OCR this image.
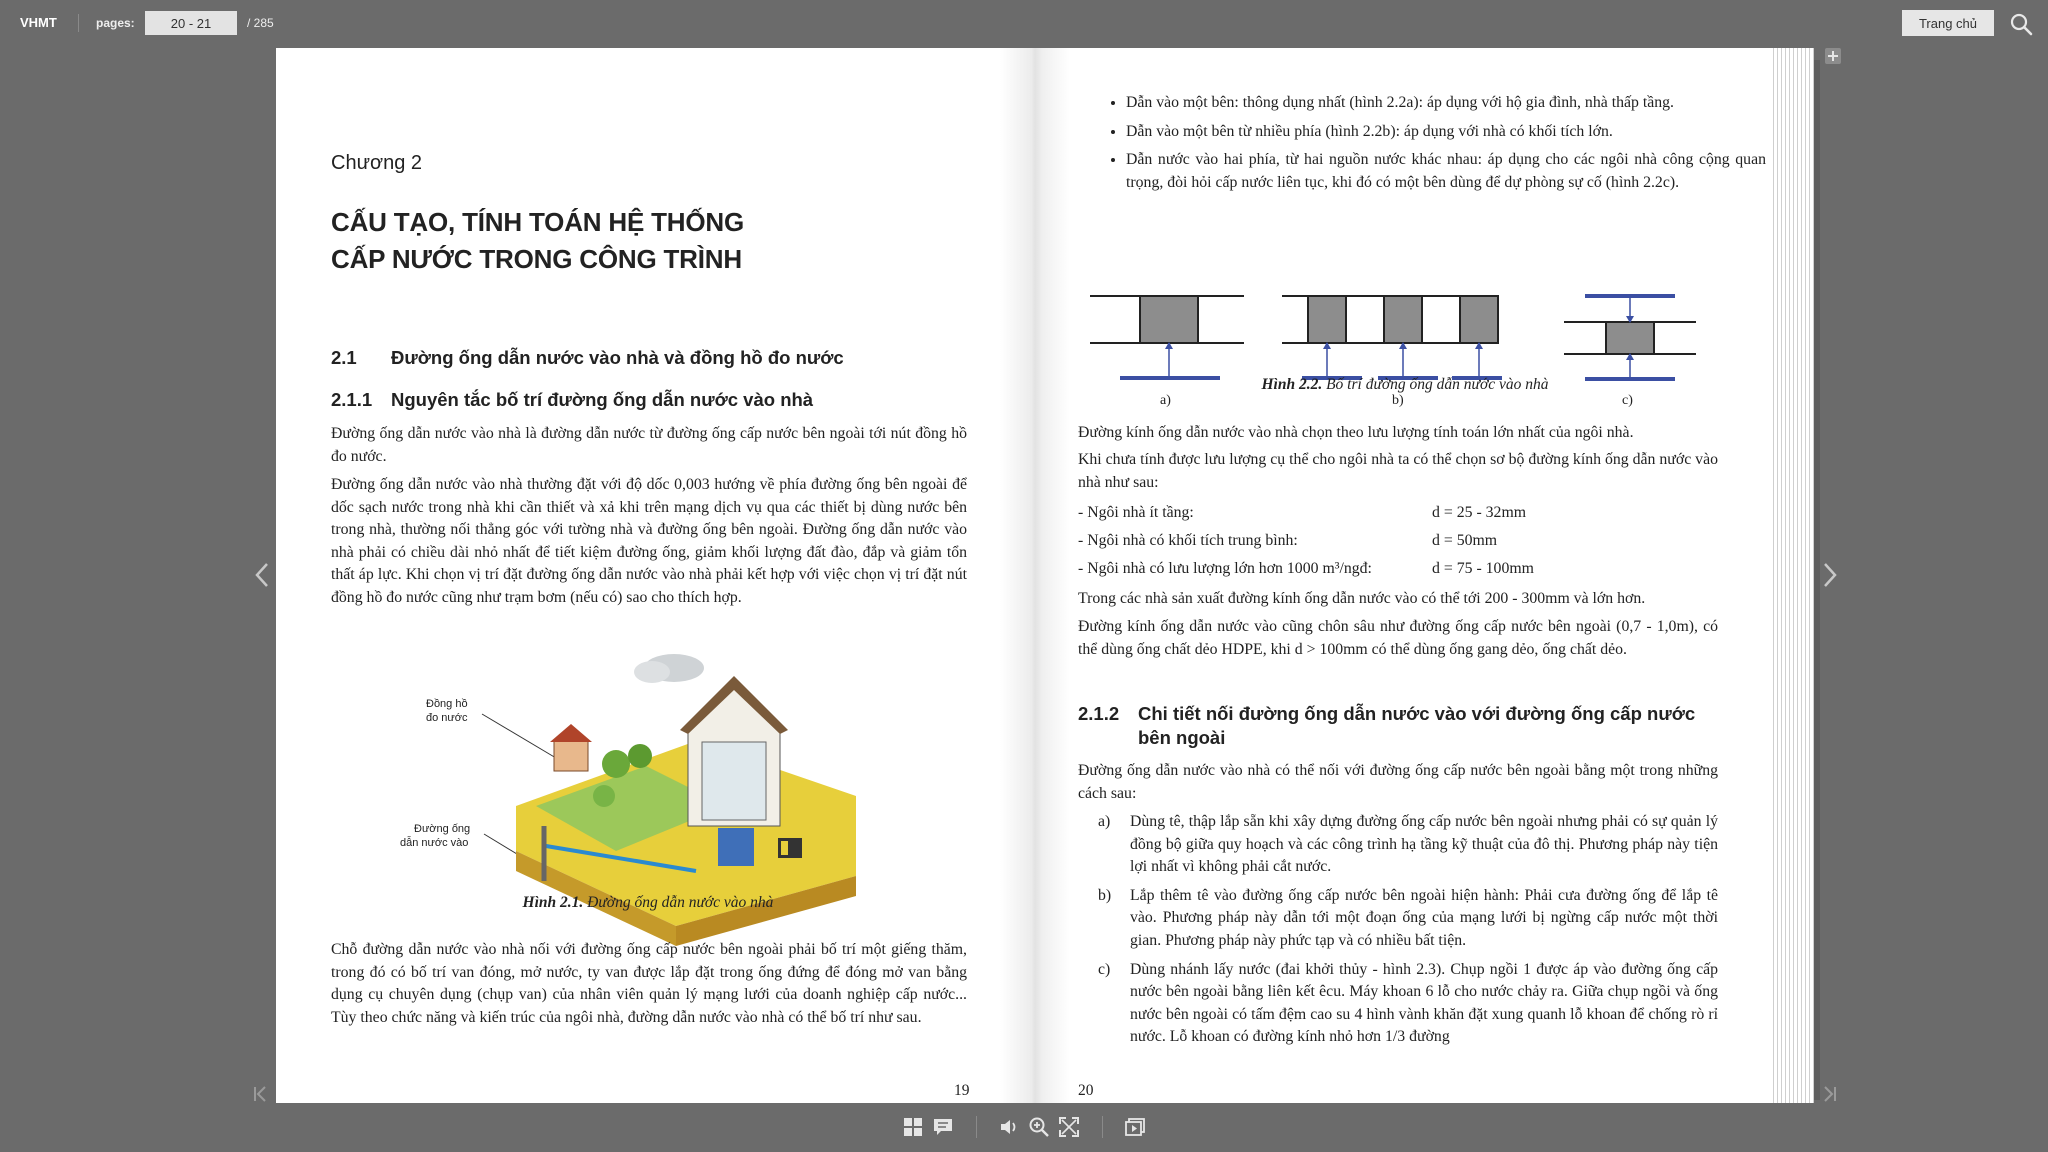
VHMT	pages:
20 - 21	/ 285	Trang chủ
Chương 2
CẤU TẠO, TÍNH TOÁN HỆ THỐNG
CẤP NƯỚC TRONG CÔNG TRÌNH
2.1 Đường ống dẫn nước vào nhà và đồng hồ đo nước
2.1.1 Nguyên tắc bố trí đường ống dẫn nước vào nhà
Đường ống dẫn nước vào nhà là đường dẫn nước từ đường ống cấp nước bên ngoài tới nút đồng hồ đo nước.
Đường ống dẫn nước vào nhà thường đặt với độ dốc 0,003 hướng về phía đường ống bên ngoài để dốc sạch nước trong nhà khi cần thiết và xả khi trên mạng dịch vụ qua các thiết bị dùng nước bên trong nhà, thường nối thẳng góc với tường nhà và đường ống bên ngoài. Đường ống dẫn nước vào nhà phải có chiều dài nhỏ nhất để tiết kiệm đường ống, giảm khối lượng đất đào, đắp và giảm tổn thất áp lực. Khi chọn vị trí đặt đường ống dẫn nước vào nhà phải kết hợp với việc chọn vị trí đặt nút đồng hồ đo nước cũng như trạm bơm (nếu có) sao cho thích hợp.
Đồng hồ
đo nước
Đường ống
dẫn nước vào
Hình 2.1. Đường ống dẫn nước vào nhà
Chỗ đường dẫn nước vào nhà nối với đường ống cấp nước bên ngoài phải bố trí một giếng thăm, trong đó có bố trí van đóng, mở nước, ty van được lắp đặt trong ống đứng để đóng mở van bằng dụng cụ chuyên dụng (chụp van) của nhân viên quản lý mạng lưới của doanh nghiệp cấp nước... Tùy theo chức năng và kiến trúc của ngôi nhà, đường dẫn nước vào nhà có thể bố trí như sau.
19
• Dẫn vào một bên: thông dụng nhất (hình 2.2a): áp dụng với hộ gia đình, nhà thấp tầng.
• Dẫn vào một bên từ nhiều phía (hình 2.2b): áp dụng với nhà có khối tích lớn.
• Dẫn nước vào hai phía, từ hai nguồn nước khác nhau: áp dụng cho các ngôi nhà công cộng quan trọng, đòi hỏi cấp nước liên tục, khi đó có một bên dùng để dự phòng sự cố (hình 2.2c).
a)	b)	c)
Hình 2.2. Bố trí đường ống dẫn nước vào nhà
Đường kính ống dẫn nước vào nhà chọn theo lưu lượng tính toán lớn nhất của ngôi nhà.
Khi chưa tính được lưu lượng cụ thể cho ngôi nhà ta có thể chọn sơ bộ đường kính ống dẫn nước vào nhà như sau:
- Ngôi nhà ít tầng:	d = 25 - 32mm
- Ngôi nhà có khối tích trung bình:	d = 50mm
- Ngôi nhà có lưu lượng lớn hơn 1000 m³/ngđ:	d = 75 - 100mm
Trong các nhà sản xuất đường kính ống dẫn nước vào có thể tới 200 - 300mm và lớn hơn.
Đường kính ống dẫn nước vào cũng chôn sâu như đường ống cấp nước bên ngoài (0,7 - 1,0m), có thể dùng ống chất dẻo HDPE, khi d > 100mm có thể dùng ống gang dẻo, ống chất dẻo.
2.1.2 Chi tiết nối đường ống dẫn nước vào với đường ống cấp nước bên ngoài
Đường ống dẫn nước vào nhà có thể nối với đường ống cấp nước bên ngoài bằng một trong những cách sau:
a) Dùng tê, thập lắp sẵn khi xây dựng đường ống cấp nước bên ngoài nhưng phải có sự quản lý đồng bộ giữa quy hoạch và các công trình hạ tầng kỹ thuật của đô thị. Phương pháp này tiện lợi nhất vì không phải cắt nước.
b) Lắp thêm tê vào đường ống cấp nước bên ngoài hiện hành: Phải cưa đường ống để lắp tê vào. Phương pháp này dẫn tới một đoạn ống của mạng lưới bị ngừng cấp nước một thời gian. Phương pháp này phức tạp và có nhiều bất tiện.
c) Dùng nhánh lấy nước (đai khởi thủy - hình 2.3). Chụp ngồi 1 được áp vào đường ống cấp nước bên ngoài bằng liên kết êcu. Máy khoan 6 lỗ cho nước chảy ra. Giữa chụp ngồi và ống nước bên ngoài có tấm đệm cao su 4 hình vành khăn đặt xung quanh lỗ khoan để chống rò rỉ nước. Lỗ khoan có đường kính nhỏ hơn 1/3 đường
20
